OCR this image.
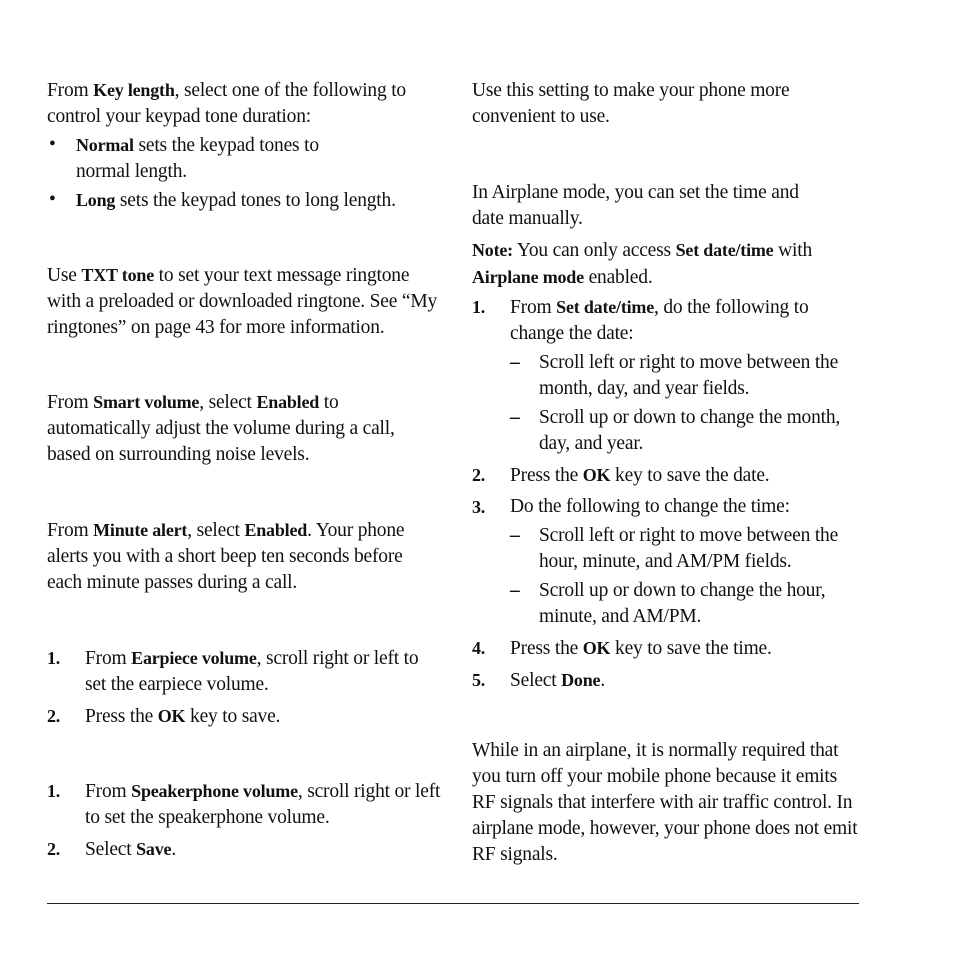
From Key length, select one of the following to control your keypad tone duration:
• Normal sets the keypad tones to normal length.
• Long sets the keypad tones to long length.
Use TXT tone to set your text message ringtone with a preloaded or downloaded ringtone. See “My ringtones” on page 43 for more information.
From Smart volume, select Enabled to automatically adjust the volume during a call, based on surrounding noise levels.
From Minute alert, select Enabled. Your phone alerts you with a short beep ten seconds before each minute passes during a call.
1. From Earpiece volume, scroll right or left to set the earpiece volume.
2. Press the OK key to save.
1. From Speakerphone volume, scroll right or left to set the speakerphone volume.
2. Select Save.
Use this setting to make your phone more convenient to use.
In Airplane mode, you can set the time and date manually.
Note: You can only access Set date/time with Airplane mode enabled.
1. From Set date/time, do the following to change the date:
– Scroll left or right to move between the month, day, and year fields.
– Scroll up or down to change the month, day, and year.
2. Press the OK key to save the date.
3. Do the following to change the time:
– Scroll left or right to move between the hour, minute, and AM/PM fields.
– Scroll up or down to change the hour, minute, and AM/PM.
4. Press the OK key to save the time.
5. Select Done.
While in an airplane, it is normally required that you turn off your mobile phone because it emits RF signals that interfere with air traffic control. In airplane mode, however, your phone does not emit RF signals.
